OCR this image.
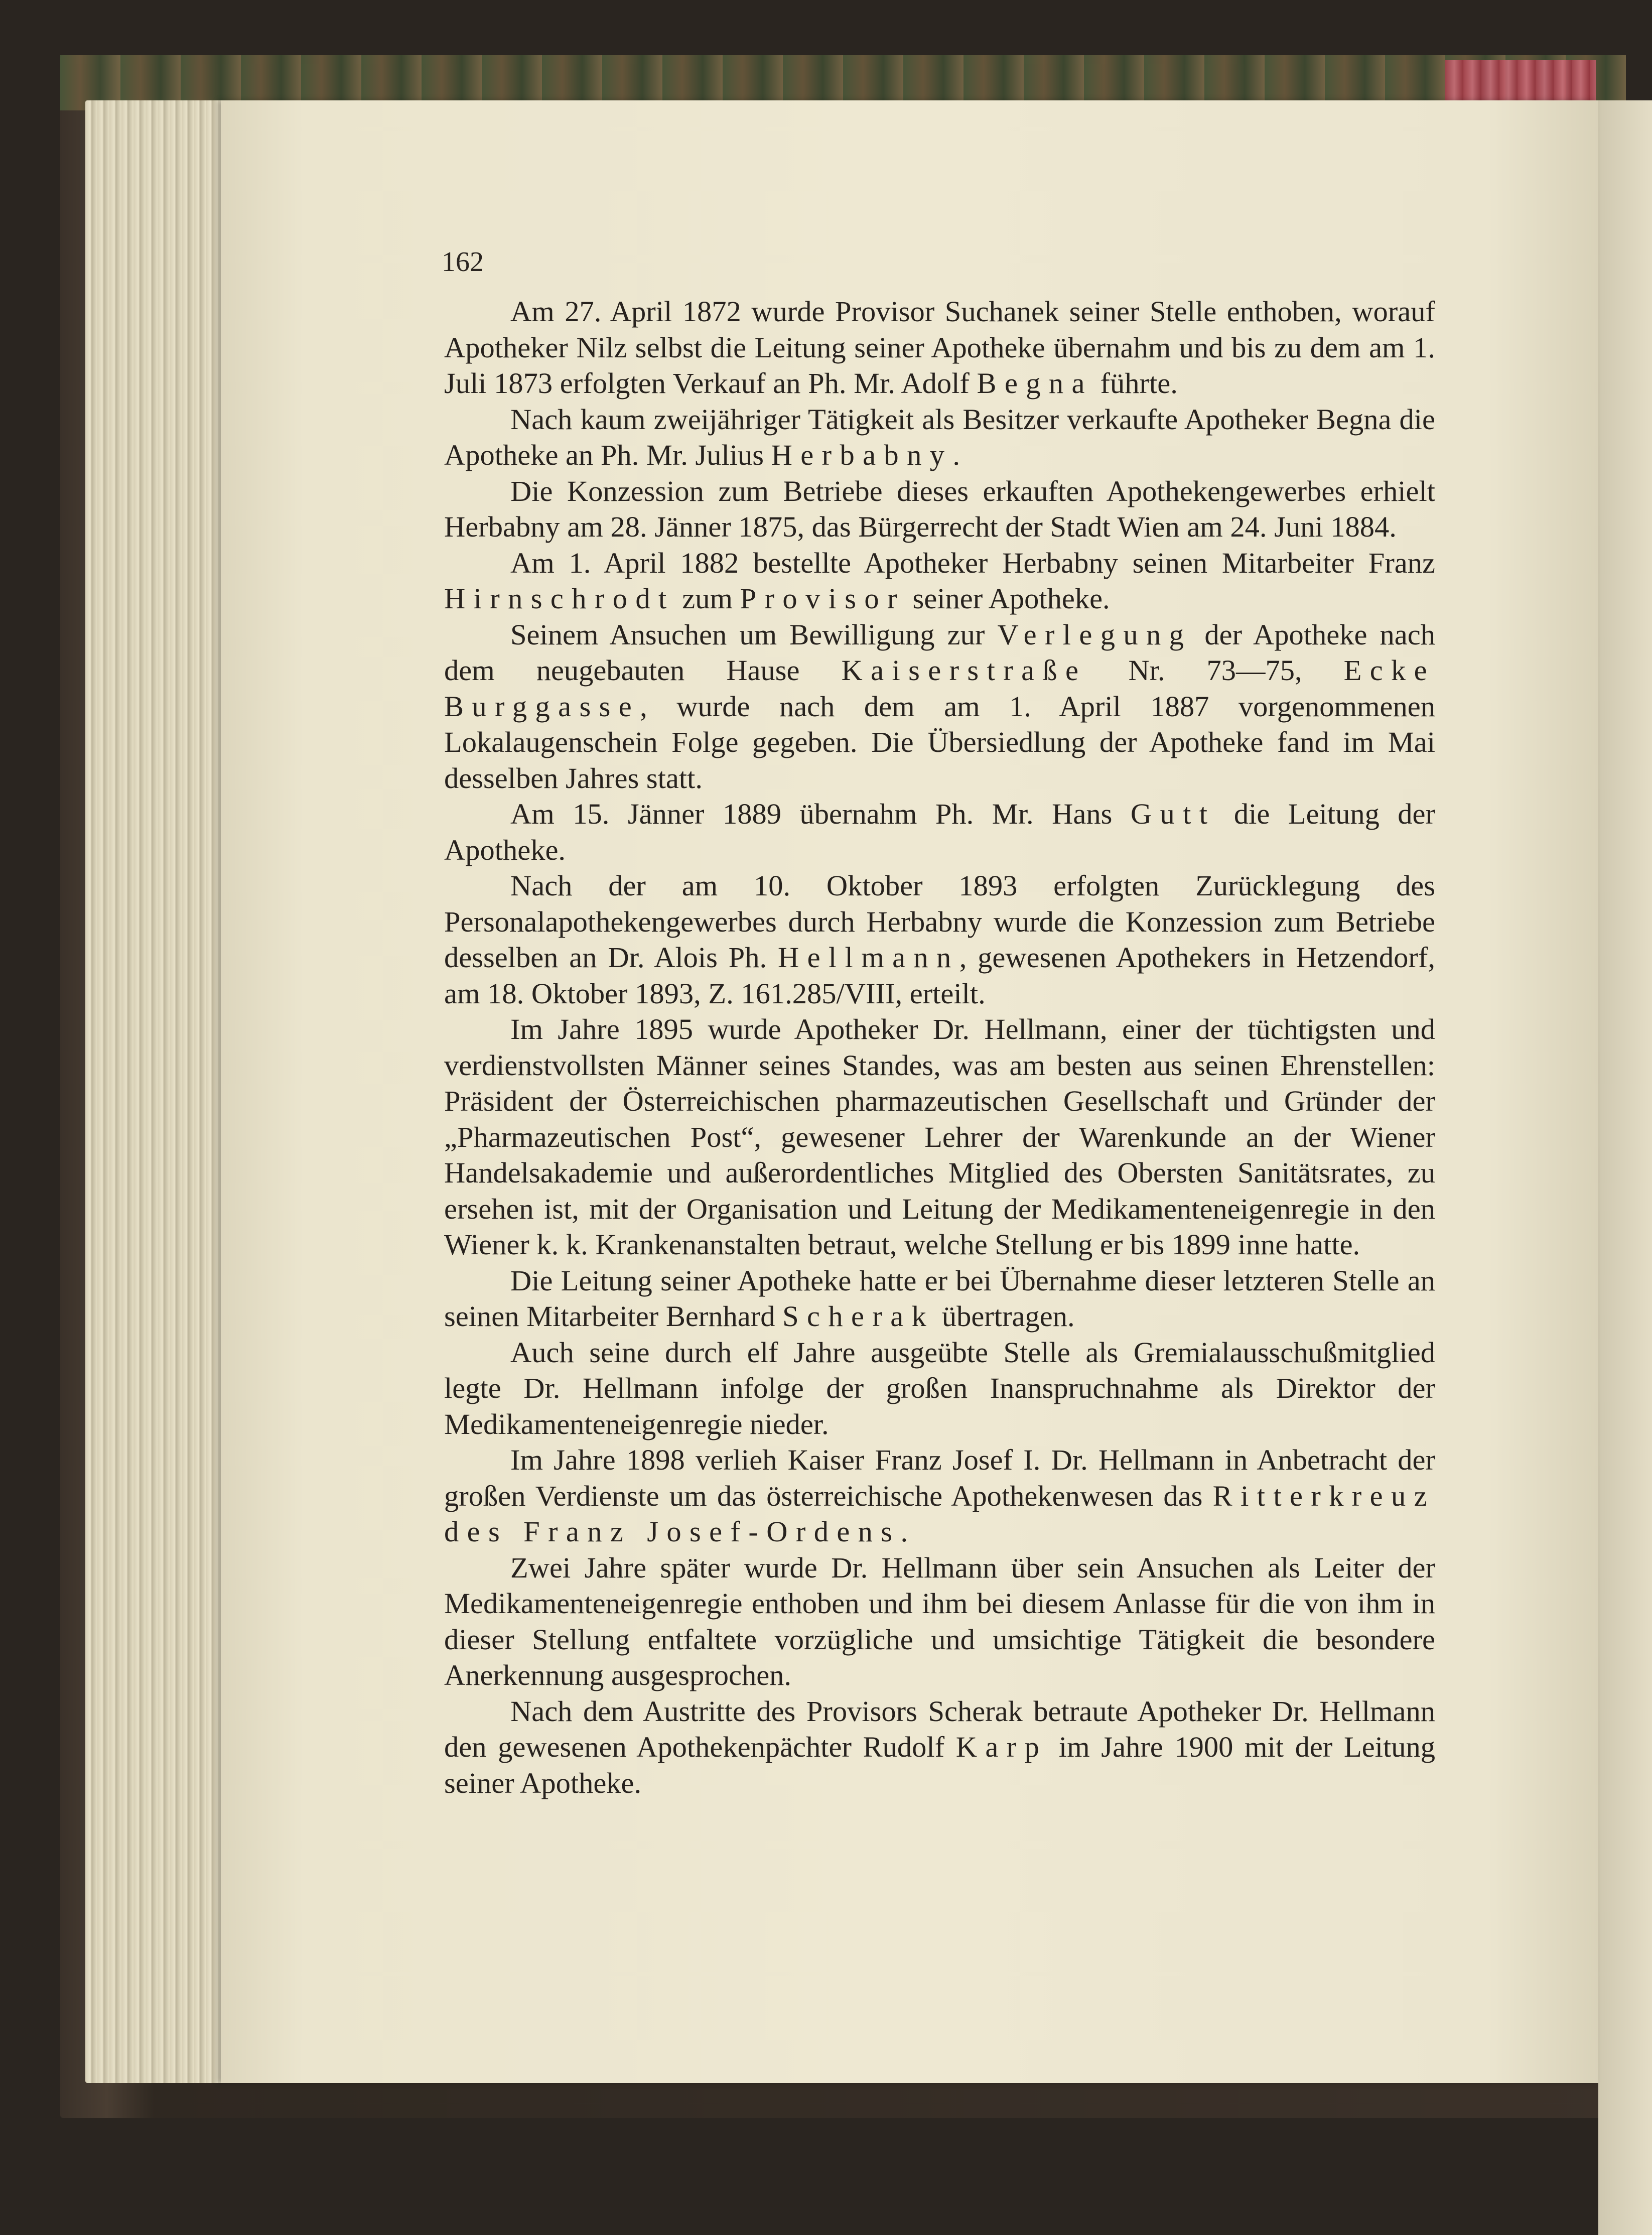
162

Am 27. April 1872 wurde Provisor Suchanek seiner Stelle enthoben, worauf Apotheker Nilz selbst die Leitung seiner Apotheke übernahm und bis zu dem am 1. Juli 1873 erfolgten Verkauf an Ph. Mr. Adolf Begna führte.

Nach kaum zweijähriger Tätigkeit als Besitzer verkaufte Apotheker Begna die Apotheke an Ph. Mr. Julius Herbabny.

Die Konzession zum Betriebe dieses erkauften Apothekengewerbes erhielt Herbabny am 28. Jänner 1875, das Bürgerrecht der Stadt Wien am 24. Juni 1884.

Am 1. April 1882 bestellte Apotheker Herbabny seinen Mitarbeiter Franz Hirnschrodt zum Provisor seiner Apotheke.

Seinem Ansuchen um Bewilligung zur Verlegung der Apotheke nach dem neugebauten Hause Kaiserstraße Nr. 73—75, Ecke Burggasse, wurde nach dem am 1. April 1887 vorgenommenen Lokalaugenschein Folge gegeben. Die Übersiedlung der Apotheke fand im Mai desselben Jahres statt.

Am 15. Jänner 1889 übernahm Ph. Mr. Hans Gutt die Leitung der Apotheke.

Nach der am 10. Oktober 1893 erfolgten Zurücklegung des Personalapothekengewerbes durch Herbabny wurde die Konzession zum Betriebe desselben an Dr. Alois Ph. Hellmann, gewesenen Apothekers in Hetzendorf, am 18. Oktober 1893, Z. 161.285/VIII, erteilt.

Im Jahre 1895 wurde Apotheker Dr. Hellmann, einer der tüchtigsten und verdienstvollsten Männer seines Standes, was am besten aus seinen Ehrenstellen: Präsident der Österreichischen pharmazeutischen Gesellschaft und Gründer der „Pharmazeutischen Post“, gewesener Lehrer der Warenkunde an der Wiener Handelsakademie und außerordentliches Mitglied des Obersten Sanitätsrates, zu ersehen ist, mit der Organisation und Leitung der Medikamenteneigenregie in den Wiener k. k. Krankenanstalten betraut, welche Stellung er bis 1899 inne hatte.

Die Leitung seiner Apotheke hatte er bei Übernahme dieser letzteren Stelle an seinen Mitarbeiter Bernhard Scherak übertragen.

Auch seine durch elf Jahre ausgeübte Stelle als Gremialausschußmitglied legte Dr. Hellmann infolge der großen Inanspruchnahme als Direktor der Medikamenteneigenregie nieder.

Im Jahre 1898 verlieh Kaiser Franz Josef I. Dr. Hellmann in Anbetracht der großen Verdienste um das österreichische Apothekenwesen das Ritterkreuz des Franz Josef-Ordens.

Zwei Jahre später wurde Dr. Hellmann über sein Ansuchen als Leiter der Medikamenteneigenregie enthoben und ihm bei diesem Anlasse für die von ihm in dieser Stellung entfaltete vorzügliche und umsichtige Tätigkeit die besondere Anerkennung ausgesprochen.

Nach dem Austritte des Provisors Scherak betraute Apotheker Dr. Hellmann den gewesenen Apothekenpächter Rudolf Karp im Jahre 1900 mit der Leitung seiner Apotheke.
